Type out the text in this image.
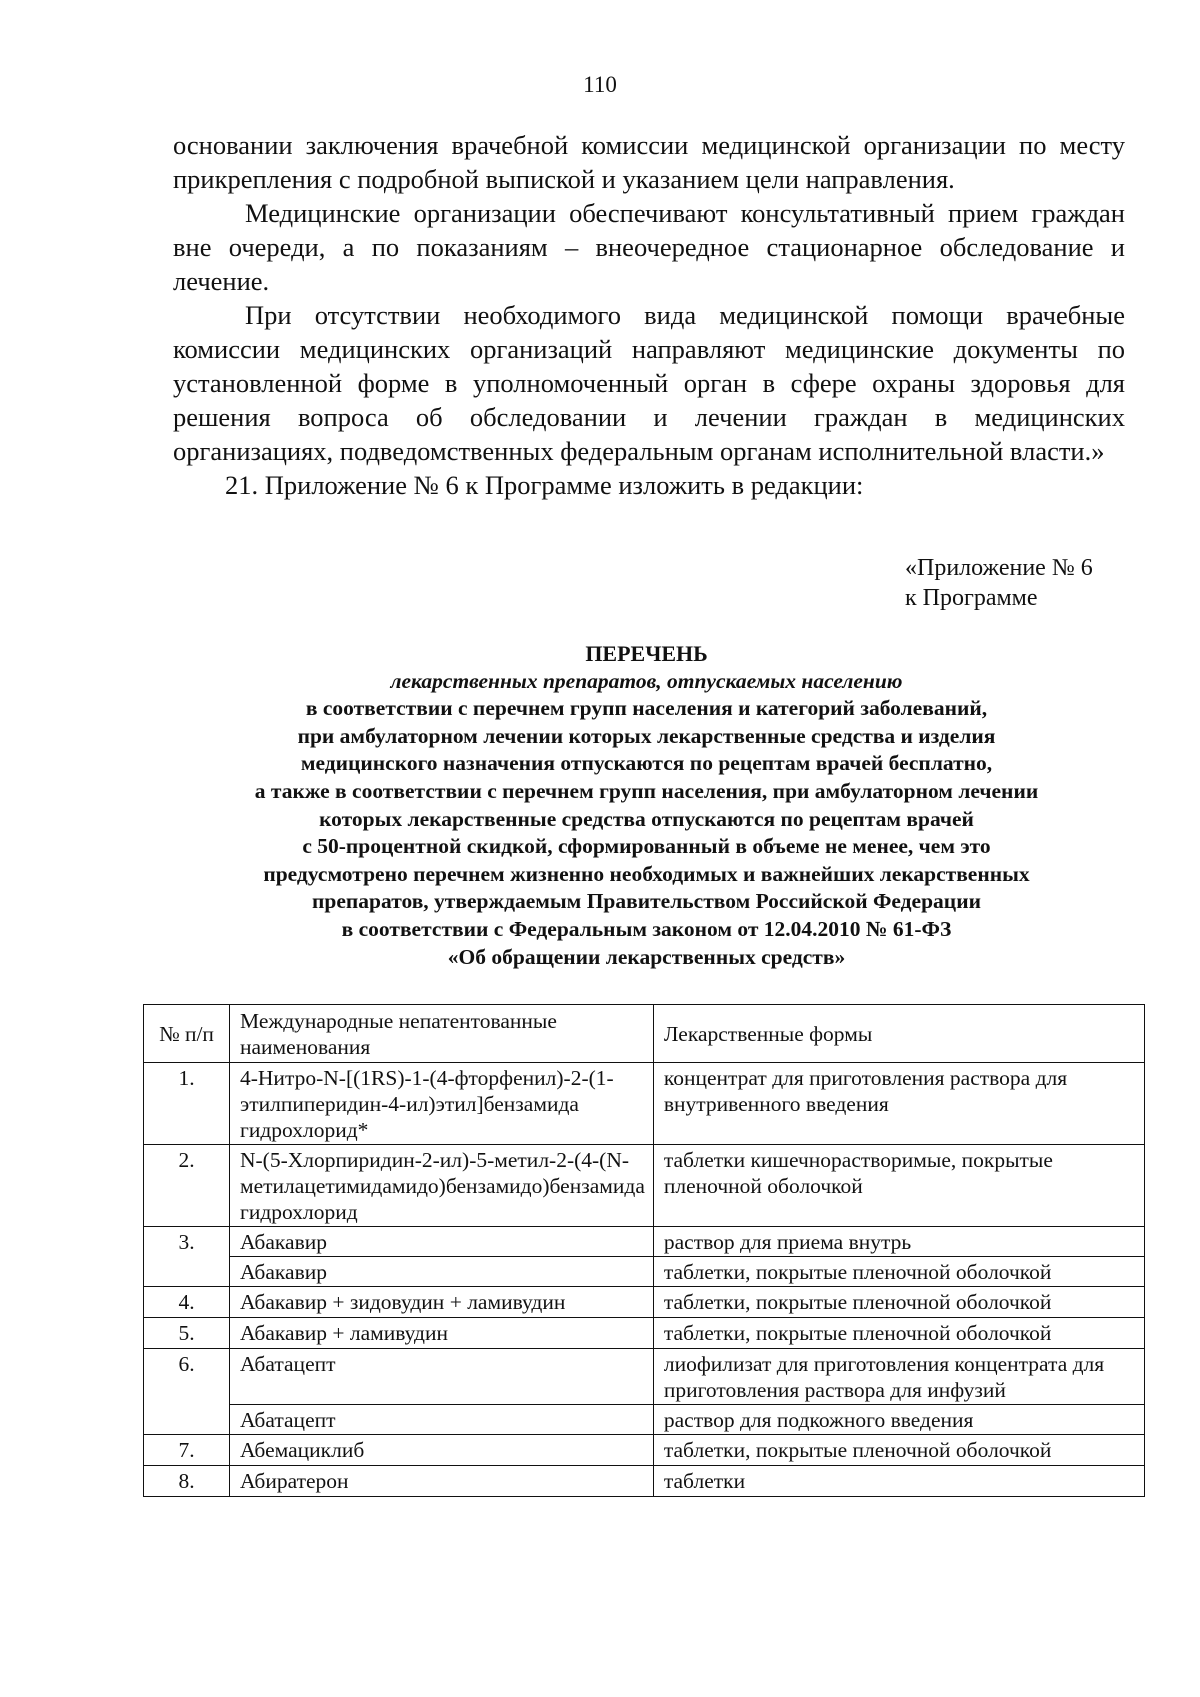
110

основании заключения врачебной комиссии медицинской организации по месту прикрепления с подробной выпиской и указанием цели направления.

Медицинские организации обеспечивают консультативный прием граждан вне очереди, а по показаниям – внеочередное стационарное обследование и лечение.

При отсутствии необходимого вида медицинской помощи врачебные комиссии медицинских организаций направляют медицинские документы по установленной форме в уполномоченный орган в сфере охраны здоровья для решения вопроса об обследовании и лечении граждан в медицинских организациях, подведомственных федеральным органам исполнительной власти.»

21. Приложение № 6 к Программе изложить в редакции:

«Приложение № 6
к Программе
ПЕРЕЧЕНЬ
лекарственных препаратов, отпускаемых населению
в соответствии с перечнем групп населения и категорий заболеваний,
при амбулаторном лечении которых лекарственные средства и изделия
медицинского назначения отпускаются по рецептам врачей бесплатно,
а также в соответствии с перечнем групп населения, при амбулаторном лечении
которых лекарственные средства отпускаются по рецептам врачей
с 50-процентной скидкой, сформированный в объеме не менее, чем это
предусмотрено перечнем жизненно необходимых и важнейших лекарственных
препаратов, утверждаемым Правительством Российской Федерации
в соответствии с Федеральным законом от 12.04.2010 № 61-ФЗ
«Об обращении лекарственных средств»
№ п/п	Международные непатентованные наименования	Лекарственные формы
1.	4-Нитро-N-[(1RS)-1-(4-фторфенил)-2-(1-этилпиперидин-4-ил)этил]бензамида гидрохлорид*	концентрат для приготовления раствора для внутривенного введения
2.	N-(5-Хлорпиридин-2-ил)-5-метил-2-(4-(N-метилацетимидамидо)бензамидо)бензамида гидрохлорид	таблетки кишечнорастворимые, покрытые пленочной оболочкой
3.	Абакавир	раствор для приема внутрь
	Абакавир	таблетки, покрытые пленочной оболочкой
4.	Абакавир + зидовудин + ламивудин	таблетки, покрытые пленочной оболочкой
5.	Абакавир + ламивудин	таблетки, покрытые пленочной оболочкой
6.	Абатацепт	лиофилизат для приготовления концентрата для приготовления раствора для инфузий
	Абатацепт	раствор для подкожного введения
7.	Абемациклиб	таблетки, покрытые пленочной оболочкой
8.	Абиратерон	таблетки
